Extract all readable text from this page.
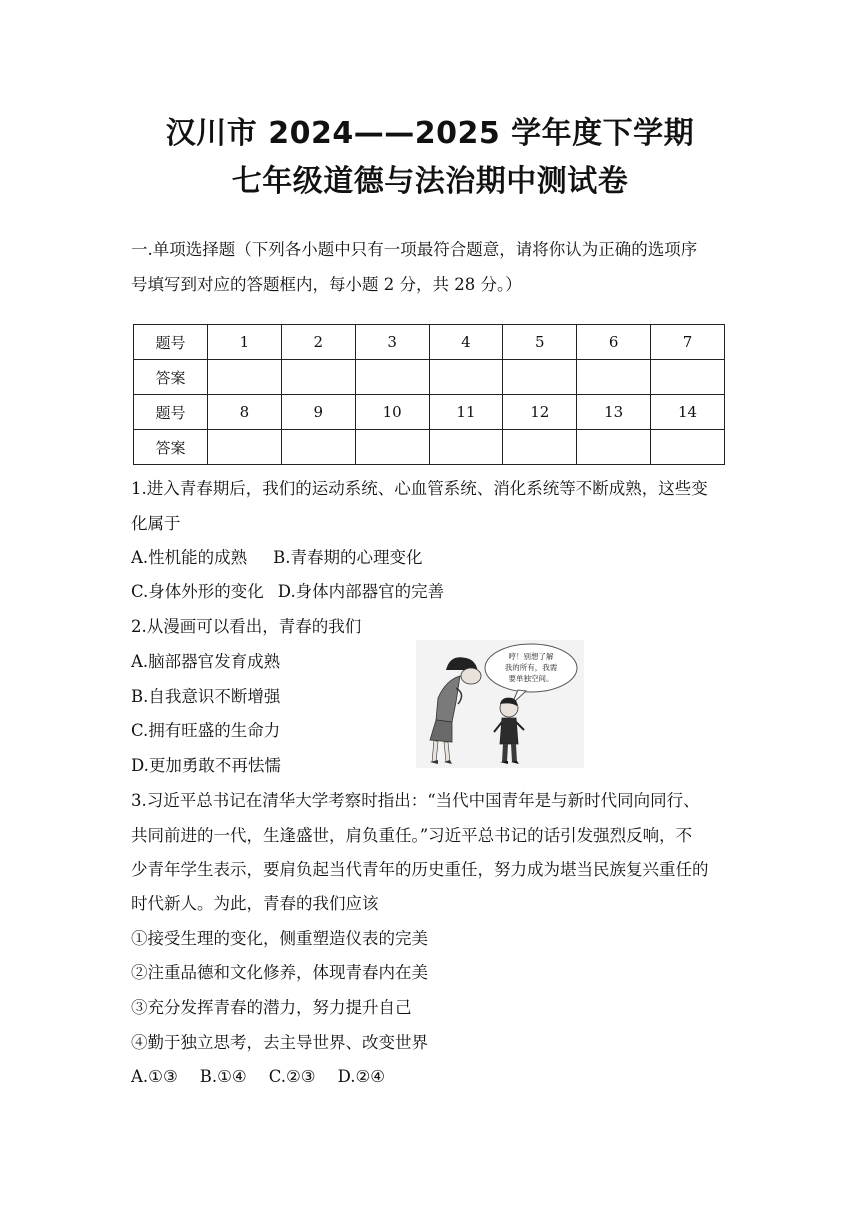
汉川市 2024——2025 学年度下学期
七年级道德与法治期中测试卷

一.单项选择题（下列各小题中只有一项最符合题意，请将你认为正确的选项序

号填写到对应的答题框内，每小题 2 分，共 28 分。）

题号	1	2	3	4	5	6	7
答案							
题号	8	9	10	11	12	13	14
答案							

1.进入青春期后，我们的运动系统、心血管系统、消化系统等不断成熟，这些变

化属于

A.性机能的成熟 B.青春期的心理变化

C.身体外形的变化 D.身体内部器官的完善

2.从漫画可以看出，青春的我们

A.脑部器官发育成熟

B.自我意识不断增强

C.拥有旺盛的生命力

D.更加勇敢不再怯懦

哼！别想了解
我的所有，我需
要单独空间。

3.习近平总书记在清华大学考察时指出：“当代中国青年是与新时代同向同行、

共同前进的一代，生逢盛世，肩负重任。”习近平总书记的话引发强烈反响，不

少青年学生表示，要肩负起当代青年的历史重任，努力成为堪当民族复兴重任的

时代新人。为此，青春的我们应该

①接受生理的变化，侧重塑造仪表的完美

②注重品德和文化修养，体现青春内在美

③充分发挥青春的潜力，努力提升自己

④勤于独立思考，去主导世界、改变世界

A.①③ B.①④ C.②③ D.②④
